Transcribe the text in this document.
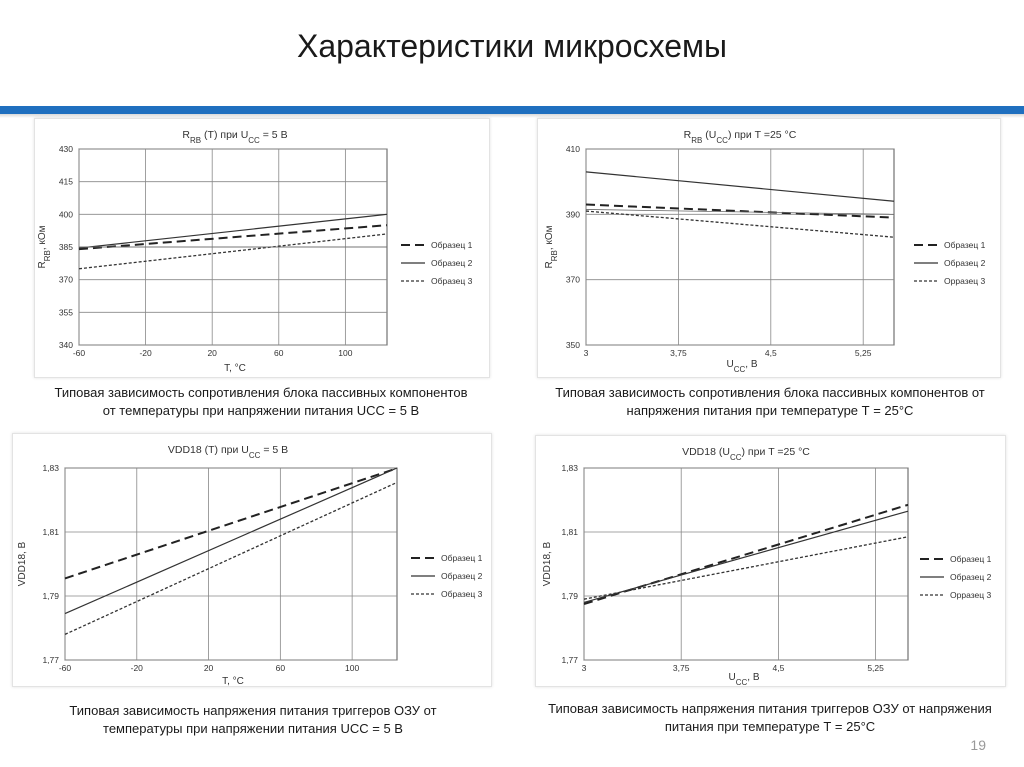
Характеристики микросхемы
-60	-20	20	60	100
340
355
370
385
400
415
430
Образец 1
Образец 2
Образец 3
$R_{RB}$ (T) при $U_{CC} = 5$ В
T, °С
$R_{RB}$, кОм
3	3,75	4,5	5,25
350
370
390
410
Образец 1
Образец 2
Орразец 3
$R_{RB}$ $(U_{CC})$ при T =25 °C
$U_{CC}$, В
$R_{RB}$, кОм
-60	-20	20	60	100
1,77
1,79
1,81
1,83
Образец 1
Образец 2
Образец 3
VDD18 (T) при $U_{CC} = 5$ В
T, °С
VDD18, В
3	3,75	4,5	5,25
1,77
1,79
1,81
1,83
Образец 1
Образец 2
Орразец 3
VDD18 $(U_{CC})$ при T =25 °C
$U_{CC}$, В
VDD18, В
Типовая зависимость сопротивления блока пассивных компонентов от температуры при напряжении питания UCC = 5 В
Типовая зависимость сопротивления блока пассивных компонентов от напряжения питания при температуре Т = 25°С
Типовая зависимость напряжения питания триггеров ОЗУ от температуры при напряжении питания UCC = 5 В
Типовая зависимость напряжения питания триггеров ОЗУ от напряжения питания при температуре Т = 25°С
19
